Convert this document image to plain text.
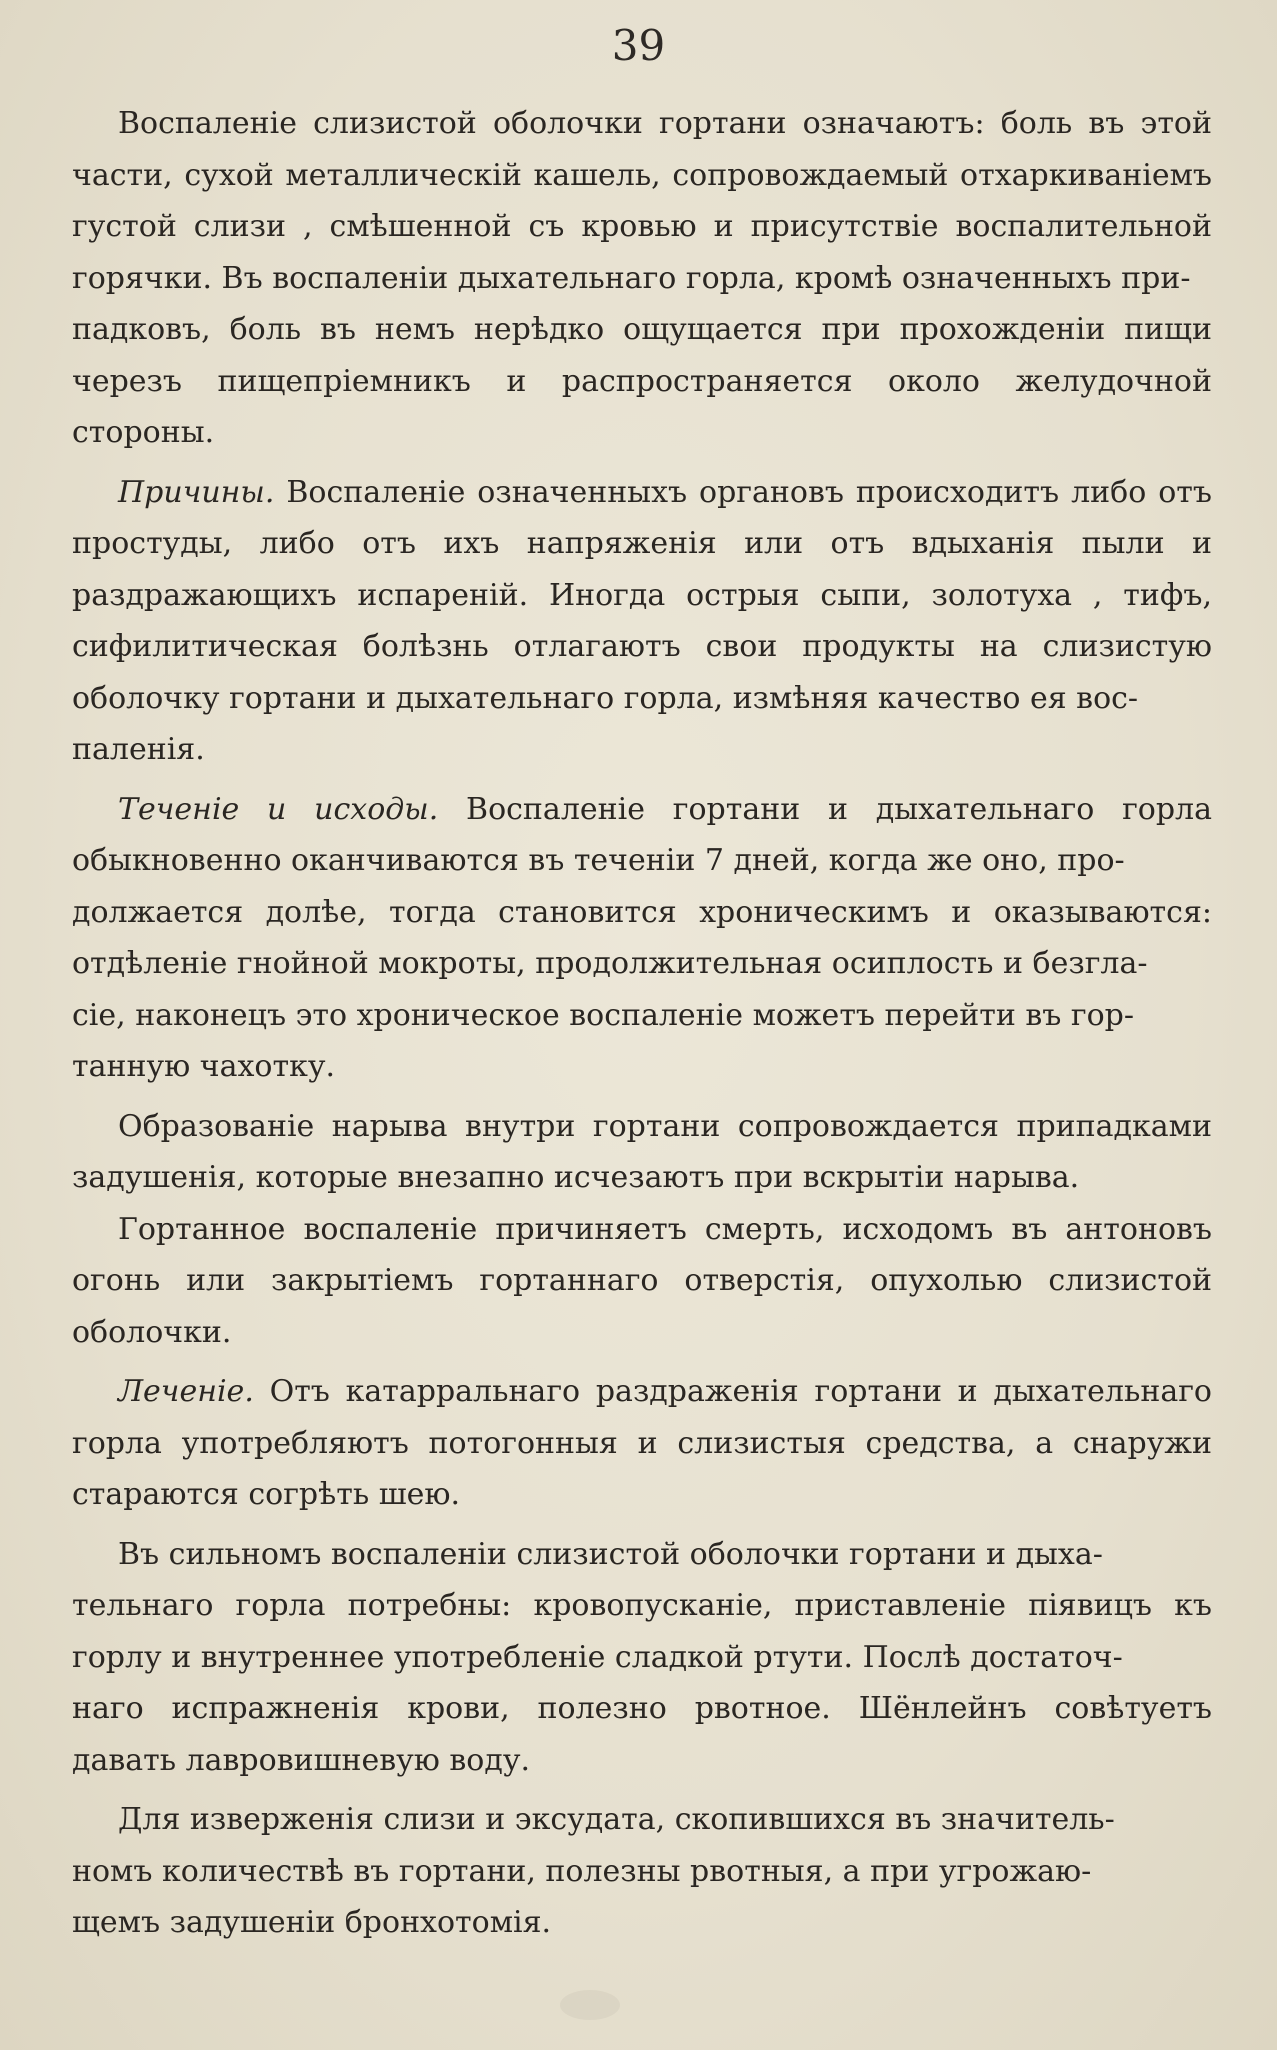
39

Воспаленіе слизистой оболочки гортани означаютъ: боль въ этой части, сухой металлическій кашель, сопровождаемый отхаркиваніемъ густой слизи , смѣшенной съ кровью и присутствіе воспалительной горячки. Въ воспаленіи дыхательнаго горла, кромѣ означенныхъ при-
падковъ, боль въ немъ нерѣдко ощущается при прохожденіи пищи черезъ пищепріемникъ и распространяется около желудочной стороны.

Причины. Воспаленіе означенныхъ органовъ происходитъ либо отъ простуды, либо отъ ихъ напряженія или отъ вдыханія пыли и раздражающихъ испареній. Иногда острыя сыпи, золотуха , тифъ, сифилитическая болѣзнь отлагаютъ свои продукты на слизистую оболочку гортани и дыхательнаго горла, измѣняя качество ея вос-
паленія.

Теченіе и исходы. Воспаленіе гортани и дыхательнаго горла обыкновенно оканчиваются въ теченіи 7 дней, когда же оно, про-
должается долѣе, тогда становится хроническимъ и оказываются: отдѣленіе гнойной мокроты, продолжительная осиплость и безгла-
сіе, наконецъ это хроническое воспаленіе можетъ перейти въ гор-
танную чахотку.

Образованіе нарыва внутри гортани сопровождается припадками задушенія, которые внезапно исчезаютъ при вскрытіи нарыва.

Гортанное воспаленіе причиняетъ смерть, исходомъ въ антоновъ огонь или закрытіемъ гортаннаго отверстія, опухолью слизистой оболочки.

Леченіе. Отъ катарральнаго раздраженія гортани и дыхательнаго горла употребляютъ потогонныя и слизистыя средства, а снаружи стараются согрѣть шею.

Въ сильномъ воспаленіи слизистой оболочки гортани и дыха-
тельнаго горла потребны: кровопусканіе, приставленіе піявицъ къ горлу и внутреннее употребленіе сладкой ртути. Послѣ достаточ-
наго испражненія крови, полезно рвотное. Шёнлейнъ совѣтуетъ давать лавровишневую воду.

Для изверженія слизи и эксудата, скопившихся въ значитель-
номъ количествѣ въ гортани, полезны рвотныя, а при угрожаю-
щемъ задушеніи бронхотомія.
